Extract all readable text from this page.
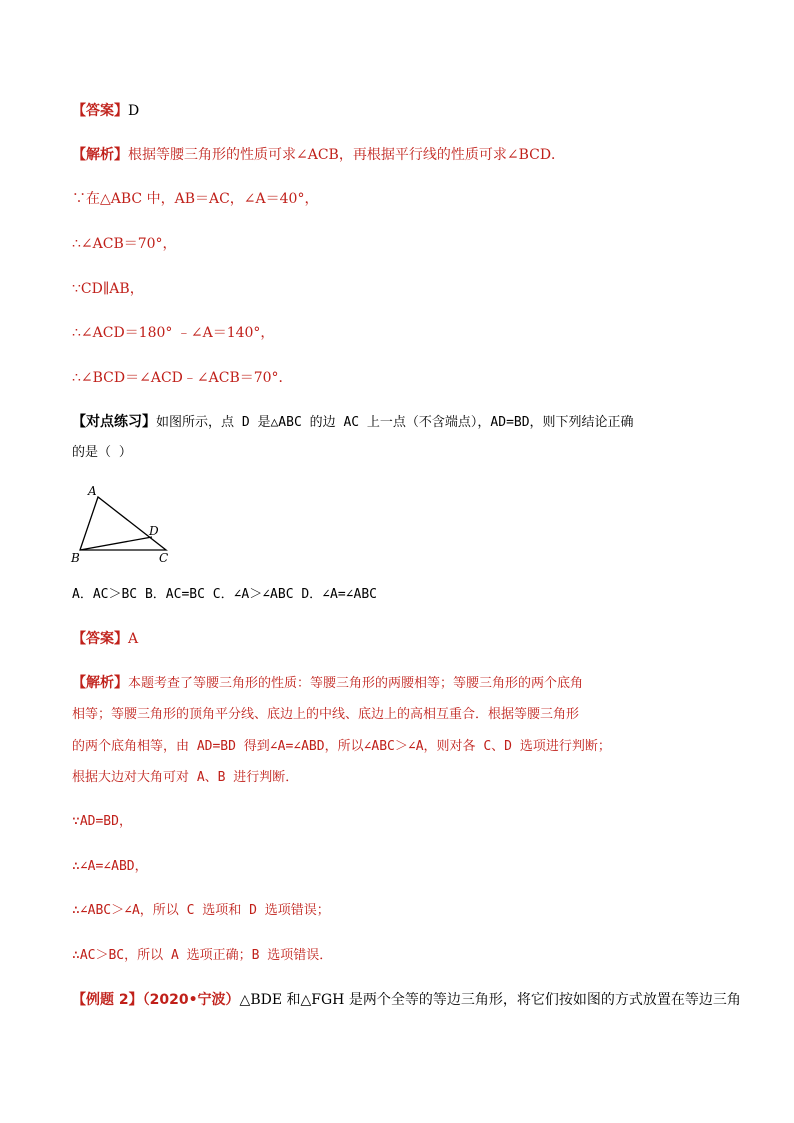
【答案】D
【解析】根据等腰三角形的性质可求∠ACB，再根据平行线的性质可求∠BCD．
∵在△ABC 中，AB＝AC，∠A＝40°，
∴∠ACB＝70°，
∵CD∥AB，
∴∠ACD＝180° ﹣∠A＝140°，
∴∠BCD＝∠ACD﹣∠ACB＝70°．
【对点练习】如图所示，点 D 是△ABC 的边 AC 上一点（不含端点），AD=BD，则下列结论正确
的是（ ）
A
B	C
D
A．AC＞BC B．AC=BC C．∠A＞∠ABC D．∠A=∠ABC
【答案】A
【解析】本题考查了等腰三角形的性质：等腰三角形的两腰相等；等腰三角形的两个底角
相等；等腰三角形的顶角平分线、底边上的中线、底边上的高相互重合．根据等腰三角形
的两个底角相等，由 AD=BD 得到∠A=∠ABD，所以∠ABC＞∠A，则对各 C、D 选项进行判断；
根据大边对大角可对 A、B 进行判断．
∵AD=BD，
∴∠A=∠ABD，
∴∠ABC＞∠A，所以 C 选项和 D 选项错误；
∴AC＞BC，所以 A 选项正确；B 选项错误．
【例题 2】（2020•宁波）△BDE 和△FGH 是两个全等的等边三角形，将它们按如图的方式放置在等边三角
